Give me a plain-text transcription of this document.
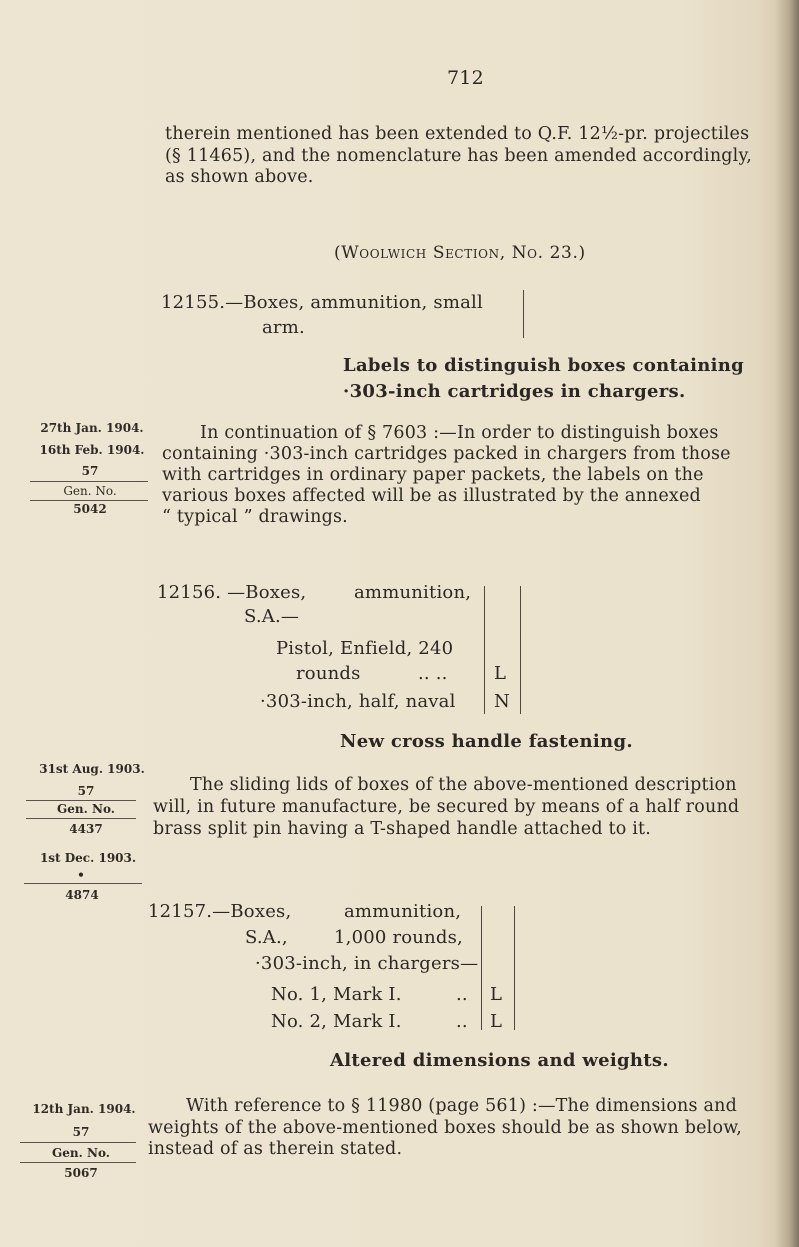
712
therein mentioned has been extended to Q.F. 12½-pr. projectiles
(§ 11465), and the nomenclature has been amended accordingly,
as shown above.
(Woolwich Section, No. 23.)
12155.—Boxes, ammunition, small
arm.
Labels to distinguish boxes containing
·303-inch cartridges in chargers.
27th Jan. 1904.
16th Feb. 1904.
57
Gen. No.
5042
In continuation of § 7603 :—In order to distinguish boxes
containing ·303-inch cartridges packed in chargers from those
with cartridges in ordinary paper packets, the labels on the
various boxes affected will be as illustrated by the annexed
“ typical ” drawings.
12156. —Boxes,	ammunition,
S.A.—
Pistol, Enfield, 240
rounds	.. ..	L
·303-inch, half, naval N
New cross handle fastening.
31st Aug. 1903.
57
Gen. No.
4437
1st Dec. 1903.
•
4874
The sliding lids of boxes of the above-mentioned description
will, in future manufacture, be secured by means of a half round
brass split pin having a T-shaped handle attached to it.
12157.—Boxes,	ammunition,
S.A.,	1,000 rounds,
·303-inch, in chargers—
No. 1, Mark I.	.. L
No. 2, Mark I.	.. L
Altered dimensions and weights.
12th Jan. 1904.
57
Gen. No.
5067
With reference to § 11980 (page 561) :—The dimensions and
weights of the above-mentioned boxes should be as shown below,
instead of as therein stated.
